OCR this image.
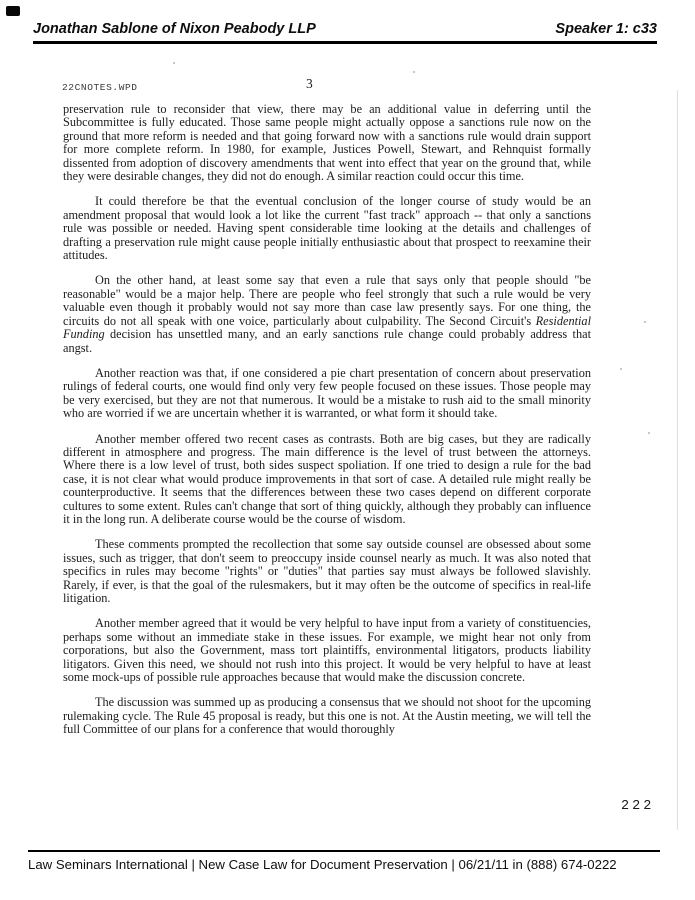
Jonathan Sablone of Nixon Peabody LLP	Speaker 1: c33
22CNOTES.WPD	3

preservation rule to reconsider that view, there may be an additional value in deferring until the Subcommittee is fully educated. Those same people might actually oppose a sanctions rule now on the ground that more reform is needed and that going forward now with a sanctions rule would drain support for more complete reform. In 1980, for example, Justices Powell, Stewart, and Rehnquist formally dissented from adoption of discovery amendments that went into effect that year on the ground that, while they were desirable changes, they did not do enough. A similar reaction could occur this time.

It could therefore be that the eventual conclusion of the longer course of study would be an amendment proposal that would look a lot like the current "fast track" approach -- that only a sanctions rule was possible or needed. Having spent considerable time looking at the details and challenges of drafting a preservation rule might cause people initially enthusiastic about that prospect to reexamine their attitudes.

On the other hand, at least some say that even a rule that says only that people should "be reasonable" would be a major help. There are people who feel strongly that such a rule would be very valuable even though it probably would not say more than case law presently says. For one thing, the circuits do not all speak with one voice, particularly about culpability. The Second Circuit's Residential Funding decision has unsettled many, and an early sanctions rule change could probably address that angst.

Another reaction was that, if one considered a pie chart presentation of concern about preservation rulings of federal courts, one would find only very few people focused on these issues. Those people may be very exercised, but they are not that numerous. It would be a mistake to rush aid to the small minority who are worried if we are uncertain whether it is warranted, or what form it should take.

Another member offered two recent cases as contrasts. Both are big cases, but they are radically different in atmosphere and progress. The main difference is the level of trust between the attorneys. Where there is a low level of trust, both sides suspect spoliation. If one tried to design a rule for the bad case, it is not clear what would produce improvements in that sort of case. A detailed rule might really be counterproductive. It seems that the differences between these two cases depend on different corporate cultures to some extent. Rules can't change that sort of thing quickly, although they probably can influence it in the long run. A deliberate course would be the course of wisdom.

These comments prompted the recollection that some say outside counsel are obsessed about some issues, such as trigger, that don't seem to preoccupy inside counsel nearly as much. It was also noted that specifics in rules may become "rights" or "duties" that parties say must always be followed slavishly. Rarely, if ever, is that the goal of the rulesmakers, but it may often be the outcome of specifics in real-life litigation.

Another member agreed that it would be very helpful to have input from a variety of constituencies, perhaps some without an immediate stake in these issues. For example, we might hear not only from corporations, but also the Government, mass tort plaintiffs, environmental litigators, products liability litigators. Given this need, we should not rush into this project. It would be very helpful to have at least some mock-ups of possible rule approaches because that would make the discussion concrete.

The discussion was summed up as producing a consensus that we should not shoot for the upcoming rulemaking cycle. The Rule 45 proposal is ready, but this one is not. At the Austin meeting, we will tell the full Committee of our plans for a conference that would thoroughly

222
Law Seminars International | New Case Law for Document Preservation | 06/21/11 in (888) 674-0222
